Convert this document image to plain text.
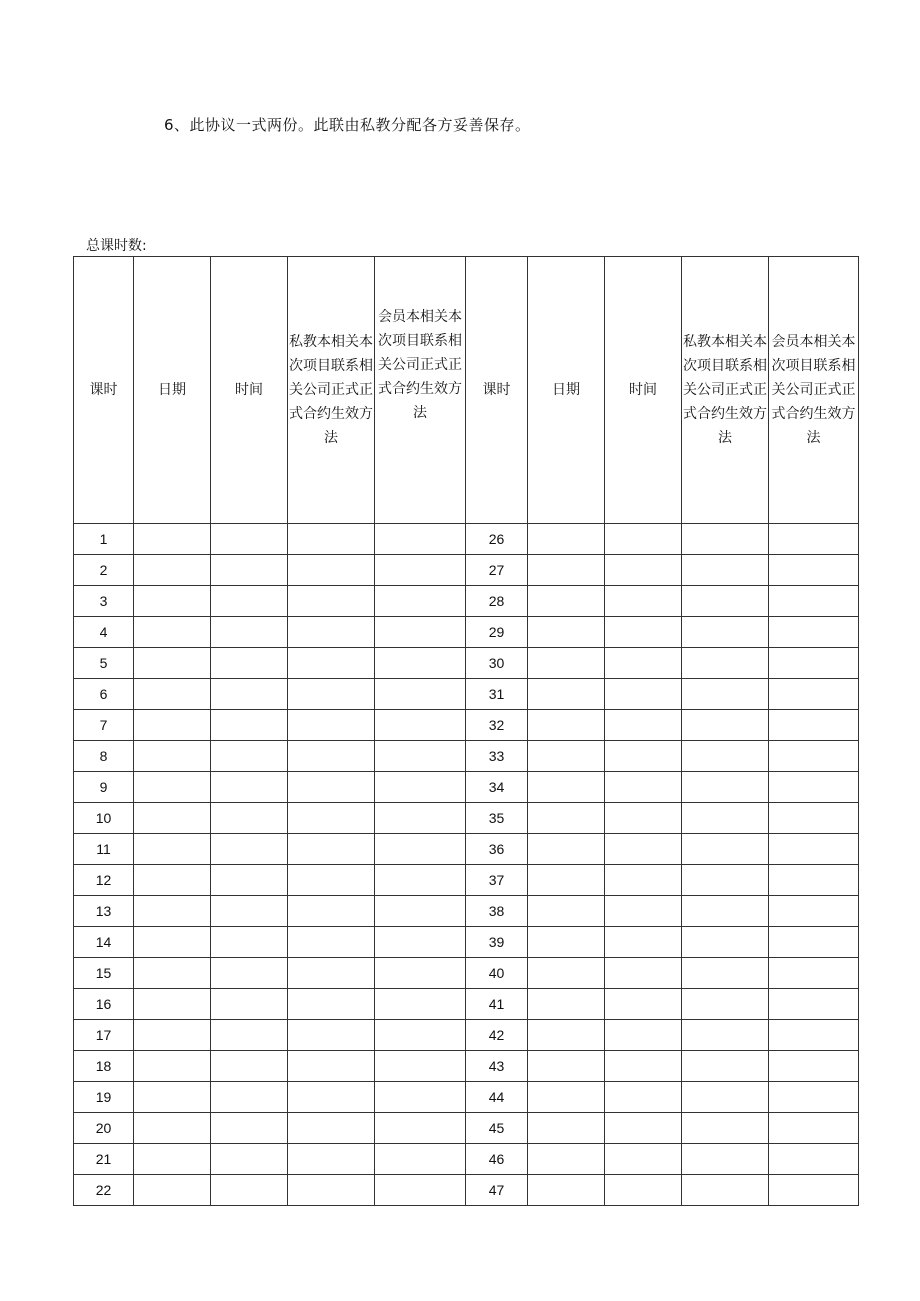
6、此协议一式两份。此联由私教分配各方妥善保存。

总课时数:
课时	日期	时间	私教本相关本次项目联系相关公司正式正式合约生效方法	会员本相关本次项目联系相关公司正式正式合约生效方法	课时	日期	时间	私教本相关本次项目联系相关公司正式正式合约生效方法	会员本相关本次项目联系相关公司正式正式合约生效方法
1					26				
2					27				
3					28				
4					29				
5					30				
6					31				
7					32				
8					33				
9					34				
10					35				
11					36				
12					37				
13					38				
14					39				
15					40				
16					41				
17					42				
18					43				
19					44				
20					45				
21					46				
22					47				
